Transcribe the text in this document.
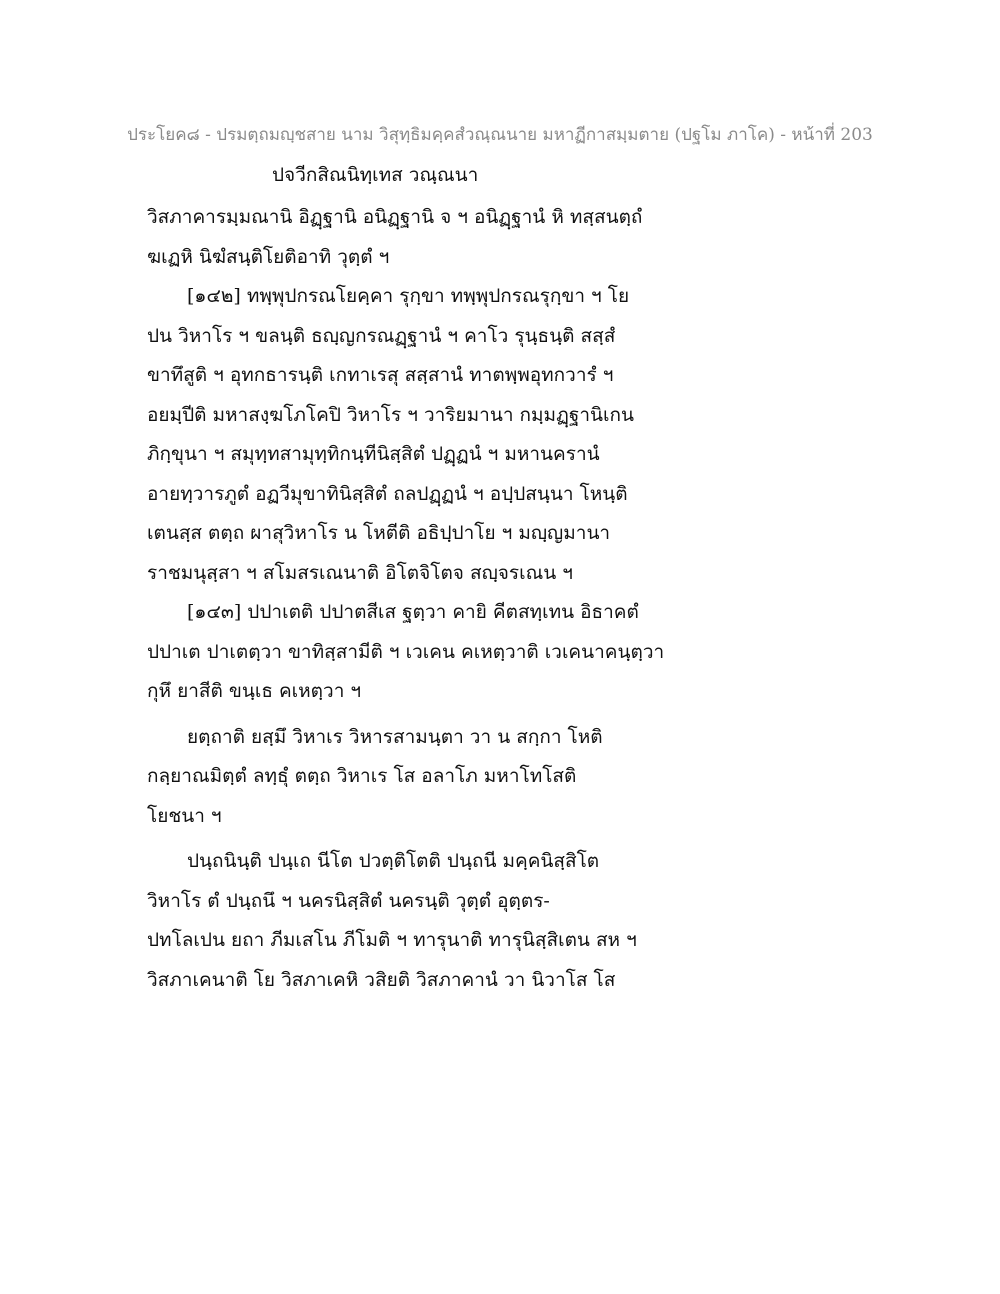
ประโยค๘ - ปรมตฺถมญฺชสาย นาม วิสุทฺธิมคฺคสํวณฺณนาย มหาฏีกาสมฺมตาย (ปฐโม ภาโค) - หน้าที่ 203
ปจวีกสิณนิทฺเทส วณฺณนา
วิสภาคารมฺมณานิ อิฏฺฐานิ อนิฏฺฐานิ จ ฯ อนิฏฺฐานํ หิ ทสฺสนตฺถํ
ฆเฏหิ นิฆํสนฺติโยติอาทิ วุตฺตํ ฯ
[๑๔๒] ทพฺพุปกรณโยคฺคา รุกฺขา ทพฺพุปกรณรุกฺขา ฯ โย
ปน วิหาโร ฯ ขลนฺติ ธญฺญกรณฏฺฐานํ ฯ คาโว รุนฺธนฺติ สสฺสํ
ขาทึสูติ ฯ อุทกธารนฺติ เกทาเรสุ สสฺสานํ ทาตพฺพอุทกวารํ ฯ
อยมฺปีติ มหาสงฺฆโภโคปิ วิหาโร ฯ วาริยมานา กมฺมฏฺฐานิเกน
ภิกฺขุนา ฯ สมุทฺทสามุทฺทิกนฺทีนิสฺสิตํ ปฏฺฏนํ ฯ มหานครานํ
อายทฺวารภูตํ อฏวีมุขาทินิสฺสิตํ ถลปฏฺฏนํ ฯ อปฺปสนฺนา โหนฺติ
เตนสฺส ตตฺถ ผาสุวิหาโร น โหตีติ อธิปฺปาโย ฯ มญฺญมานา
ราชมนุสฺสา ฯ สโมสรเณนาติ อิโตจิโตจ สญฺจรเณน ฯ
[๑๔๓] ปปาเตติ ปปาตสีเส ฐตฺวา คายิ คีตสทฺเทน อิธาคตํ
ปปาเต ปาเตตฺวา ขาทิสฺสามีติ ฯ เวเคน คเหตฺวาติ เวเคนาคนฺตฺวา
กุหึ ยาสีติ ขนฺเธ คเหตฺวา ฯ
ยตฺถาติ ยสฺมึ วิหาเร วิหารสามนฺตา วา น สกฺกา โหติ
กลฺยาณมิตฺตํ ลทฺธุํ ตตฺถ วิหาเร โส อลาโภ มหาโทโสติ
โยชนา ฯ
ปนฺถนินฺติ ปนฺเถ นีโต ปวตฺติโตติ ปนฺถนี มคฺคนิสฺสิโต
วิหาโร ตํ ปนฺถนึ ฯ นครนิสฺสิตํ นครนฺติ วุตฺตํ อุตฺตร-
ปทโลเปน ยถา ภีมเสโน ภีโมติ ฯ ทารุนาติ ทารุนิสฺสิเตน สห ฯ
วิสภาเคนาติ โย วิสภาเคหิ วสิยติ วิสภาคานํ วา นิวาโส โส
